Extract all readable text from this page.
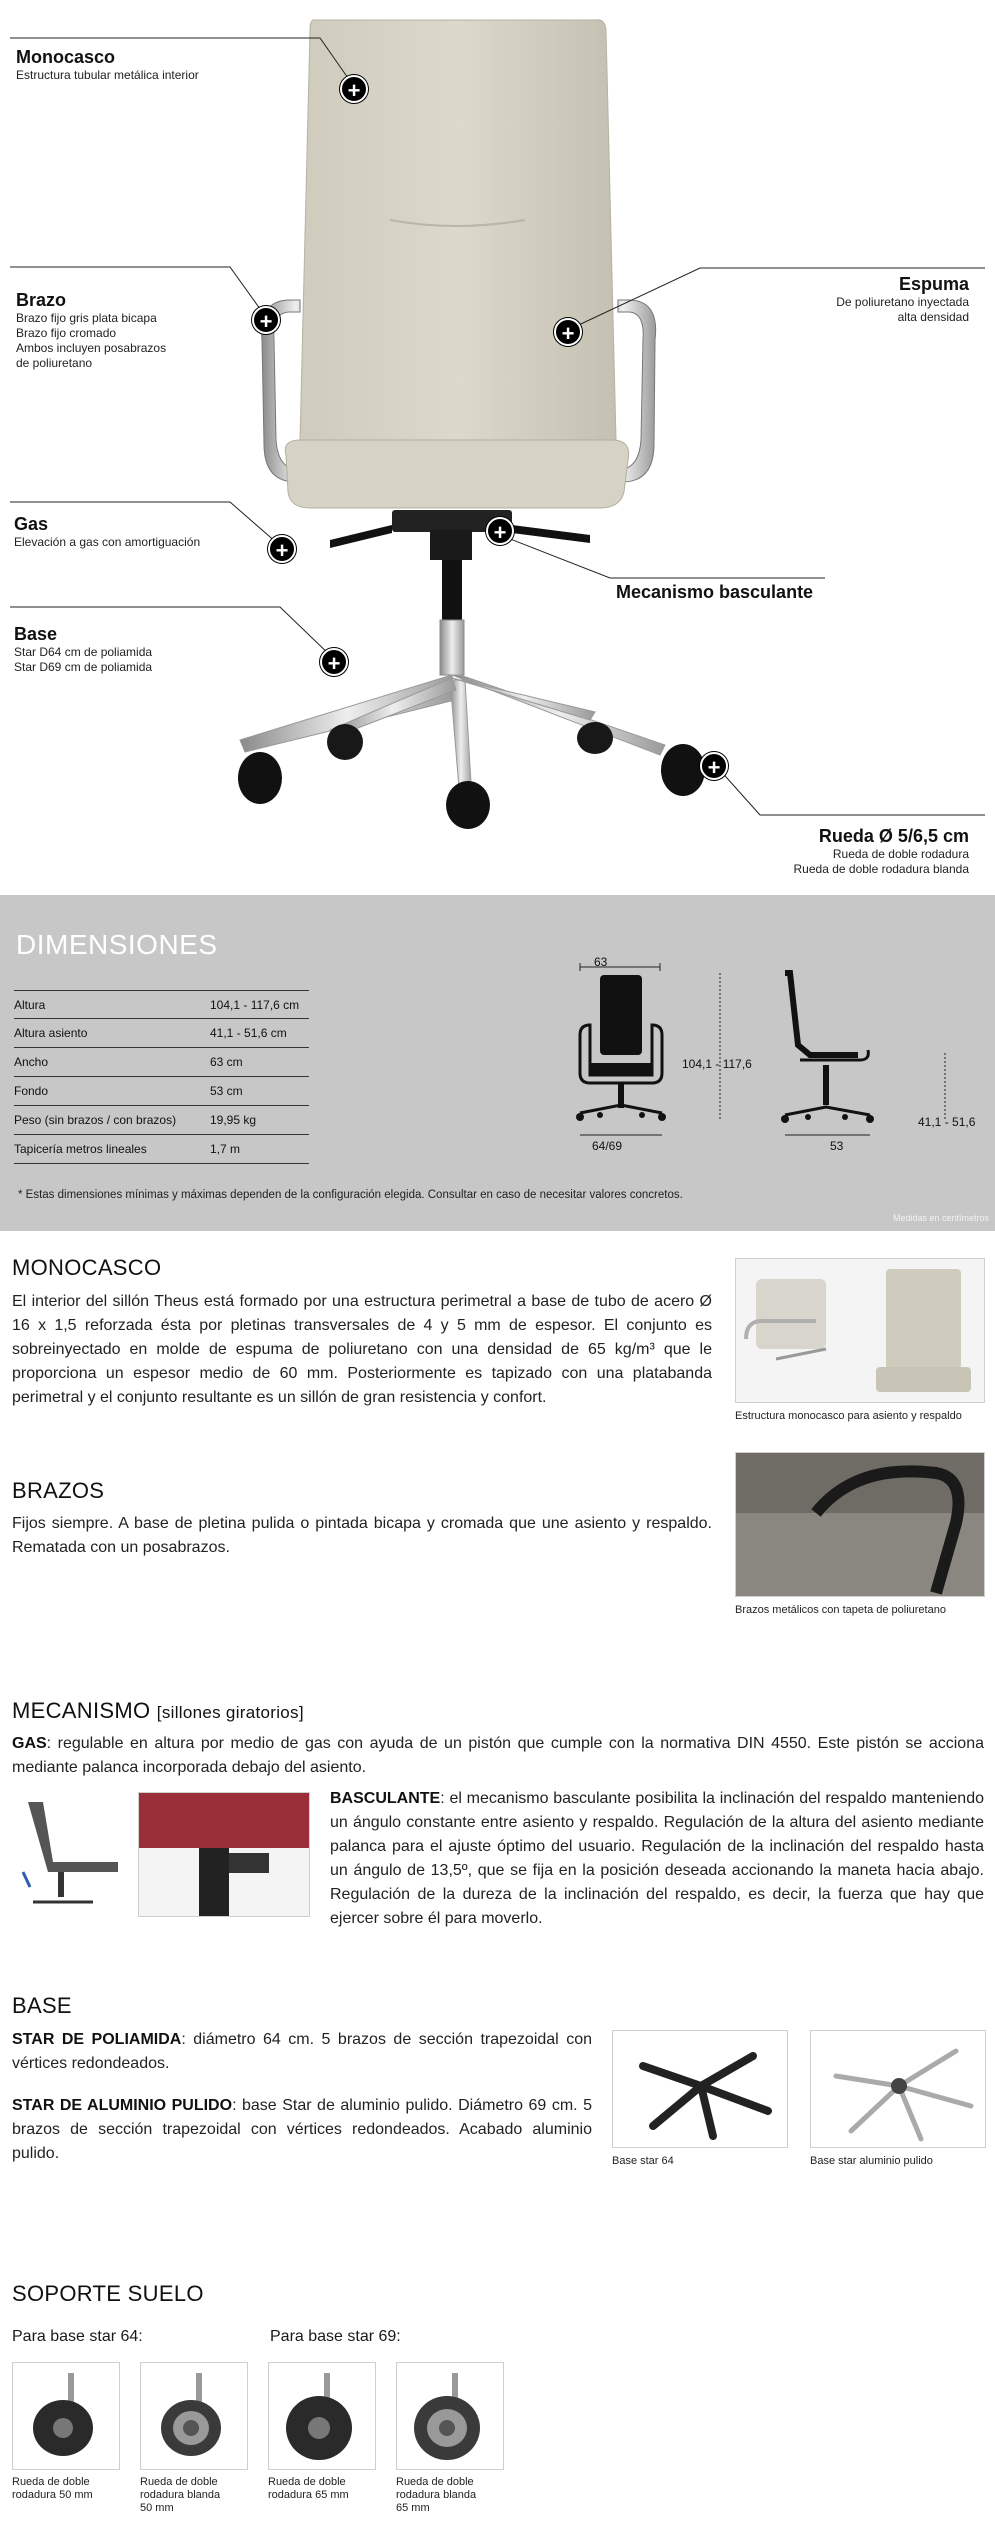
+
+	+
+
+
+
+
Monocasco
Estructura tubular metálica interior
Brazo
Brazo fijo gris plata bicapa
Brazo fijo cromado
Ambos incluyen posabrazos
de poliuretano
Espuma
De poliuretano inyectada
alta densidad
Gas
Elevación a gas con amortiguación
Mecanismo basculante
Base
Star D64 cm de poliamida
Star D69 cm de poliamida
Rueda Ø 5/6,5 cm
Rueda de doble rodadura
Rueda de doble rodadura blanda
DIMENSIONES
Altura	104,1 - 117,6 cm
Altura asiento	41,1 - 51,6 cm
Ancho	63 cm
Fondo	53 cm
Peso (sin brazos / con brazos)	19,95 kg
Tapicería metros lineales	1,7 m
63
104,1 - 117,6
64/69	53
41,1 - 51,6
* Estas dimensiones mínimas y máximas dependen de la configuración elegida. Consultar en caso de necesitar valores concretos.
Medidas en centímetros
MONOCASCO
El interior del sillón Theus está formado por una estructura perimetral a base de tubo de acero Ø 16 x 1,5 reforzada ésta por pletinas transversales de 4 y 5 mm de espesor. El conjunto es sobreinyectado en molde de espuma de poliuretano con una densidad de 65 kg/m³ que le proporciona un espesor medio de 60 mm. Posteriormente es tapizado con una platabanda perimetral y el conjunto resultante es un sillón de gran resistencia y confort.
Estructura monocasco para asiento y respaldo
BRAZOS
Fijos siempre. A base de pletina pulida o pintada bicapa y cromada que une asiento y respaldo. Rematada con un posabrazos.
Brazos metálicos con tapeta de poliuretano
MECANISMO [sillones giratorios]
GAS: regulable en altura por medio de gas con ayuda de un pistón que cumple con la normativa DIN 4550. Este pistón se acciona mediante palanca incorporada debajo del asiento.
BASCULANTE: el mecanismo basculante posibilita la inclinación del respaldo manteniendo un ángulo constante entre asiento y respaldo. Regulación de la altura del asiento mediante palanca para el ajuste óptimo del usuario. Regulación de la inclinación del respaldo hasta un ángulo de 13,5º, que se fija en la posición deseada accionando la maneta hacia abajo. Regulación de la dureza de la inclinación del respaldo, es decir, la fuerza que hay que ejercer sobre él para moverlo.
BASE
STAR DE POLIAMIDA: diámetro 64 cm. 5 brazos de sección trapezoidal con vértices redondeados.
STAR DE ALUMINIO PULIDO: base Star de aluminio pulido. Diámetro 69 cm. 5 brazos de sección trapezoidal con vértices redondeados. Acabado aluminio pulido.	Base star 64	Base star aluminio pulido
SOPORTE SUELO
Para base star 64:	Para base star 69:
Rueda de doble
rodadura 50 mm
Rueda de doble
rodadura blanda
50 mm
Rueda de doble
rodadura 65 mm
Rueda de doble
rodadura blanda
65 mm
